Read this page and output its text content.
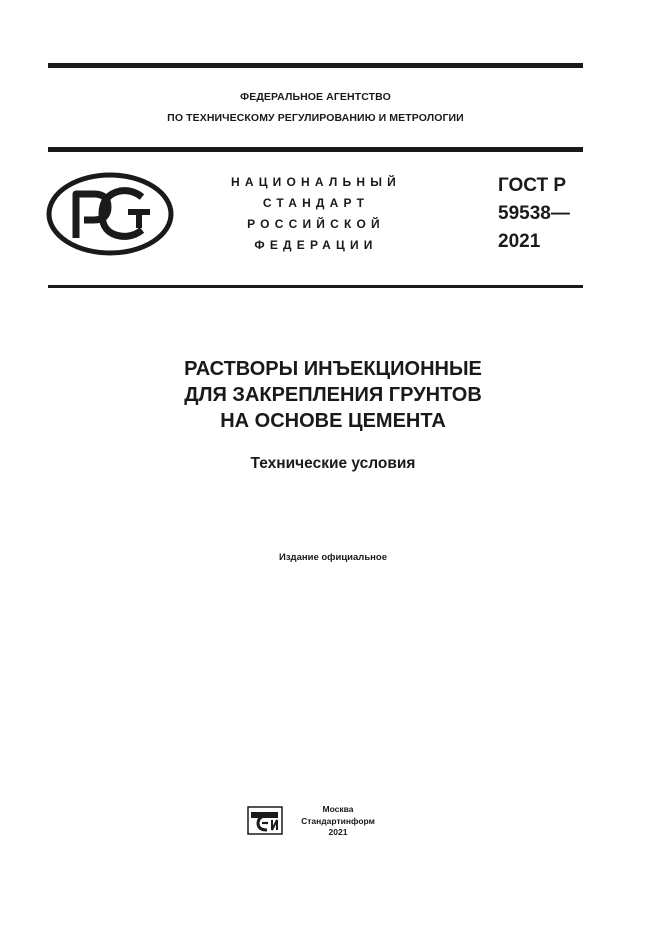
ФЕДЕРАЛЬНОЕ АГЕНТСТВО
ПО ТЕХНИЧЕСКОМУ РЕГУЛИРОВАНИЮ И МЕТРОЛОГИИ
НАЦИОНАЛЬНЫЙ
СТАНДАРТ
РОССИЙСКОЙ
ФЕДЕРАЦИИ
ГОСТ Р
59538—
2021
РАСТВОРЫ ИНЪЕКЦИОННЫЕ
ДЛЯ ЗАКРЕПЛЕНИЯ ГРУНТОВ
НА ОСНОВЕ ЦЕМЕНТА
Технические условия
Издание официальное
Москва
Стандартинформ
2021
